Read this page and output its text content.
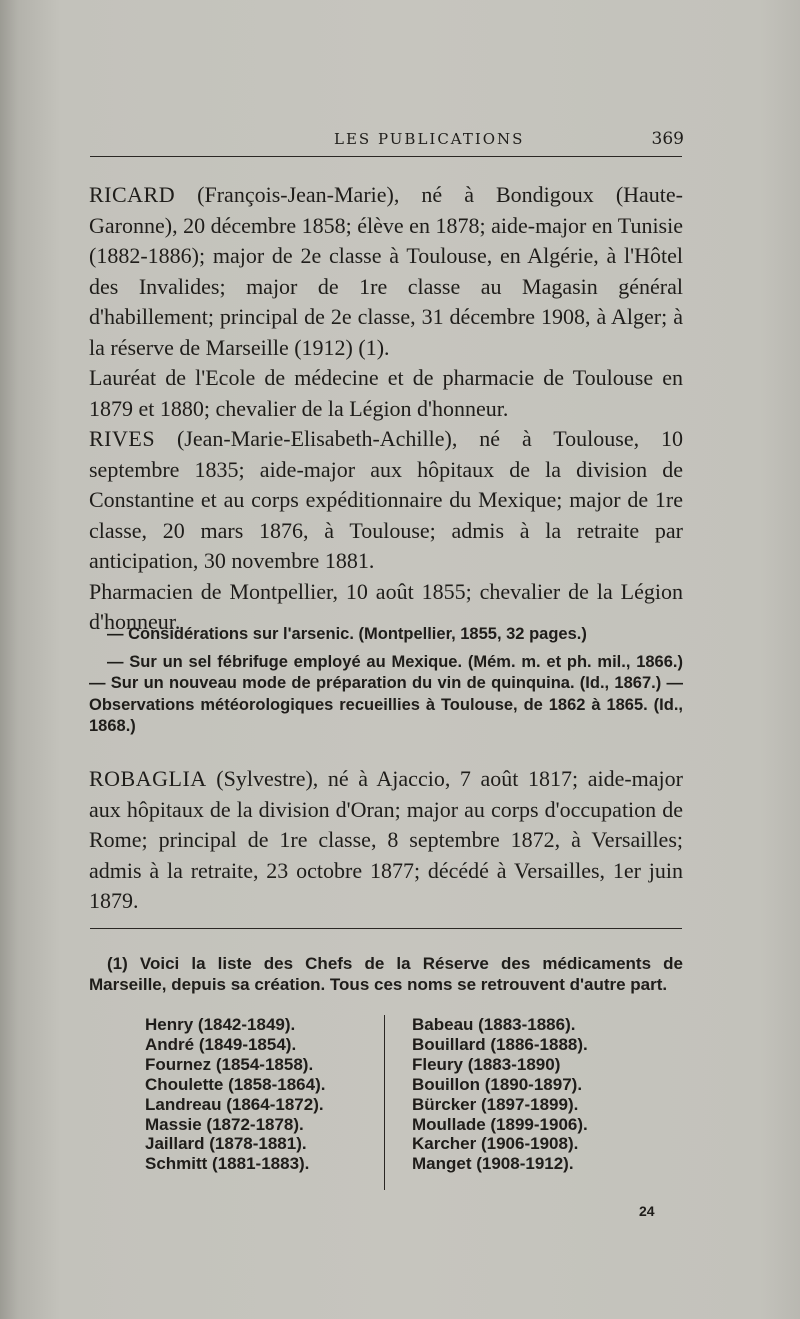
LES PUBLICATIONS	369

RICARD (François-Jean-Marie), né à Bondigoux (Haute-Garonne), 20 décembre 1858; élève en 1878; aide-major en Tunisie (1882-1886); major de 2e classe à Toulouse, en Algérie, à l'Hôtel des Invalides; major de 1re classe au Magasin général d'habillement; principal de 2e classe, 31 décembre 1908, à Alger; à la réserve de Marseille (1912) (1).

Lauréat de l'Ecole de médecine et de pharmacie de Toulouse en 1879 et 1880; chevalier de la Légion d'honneur.

RIVES (Jean-Marie-Elisabeth-Achille), né à Toulouse, 10 septembre 1835; aide-major aux hôpitaux de la division de Constantine et au corps expéditionnaire du Mexique; major de 1re classe, 20 mars 1876, à Toulouse; admis à la retraite par anticipation, 30 novembre 1881.

Pharmacien de Montpellier, 10 août 1855; chevalier de la Légion d'honneur.

— Considérations sur l'arsenic. (Montpellier, 1855, 32 pages.)

— Sur un sel fébrifuge employé au Mexique. (Mém. m. et ph. mil., 1866.) — Sur un nouveau mode de préparation du vin de quinquina. (Id., 1867.) — Observations météorologiques recueillies à Toulouse, de 1862 à 1865. (Id., 1868.)

ROBAGLIA (Sylvestre), né à Ajaccio, 7 août 1817; aide-major aux hôpitaux de la division d'Oran; major au corps d'occupation de Rome; principal de 1re classe, 8 septembre 1872, à Versailles; admis à la retraite, 23 octobre 1877; décédé à Versailles, 1er juin 1879.

(1) Voici la liste des Chefs de la Réserve des médicaments de Marseille, depuis sa création. Tous ces noms se retrouvent d'autre part.

Henry (1842-1849).
André (1849-1854).
Fournez (1854-1858).
Choulette (1858-1864).
Landreau (1864-1872).
Massie (1872-1878).
Jaillard (1878-1881).
Schmitt (1881-1883).
Babeau (1883-1886).
Bouillard (1886-1888).
Fleury (1883-1890)
Bouillon (1890-1897).
Bürcker (1897-1899).
Moullade (1899-1906).
Karcher (1906-1908).
Manget (1908-1912).
24
